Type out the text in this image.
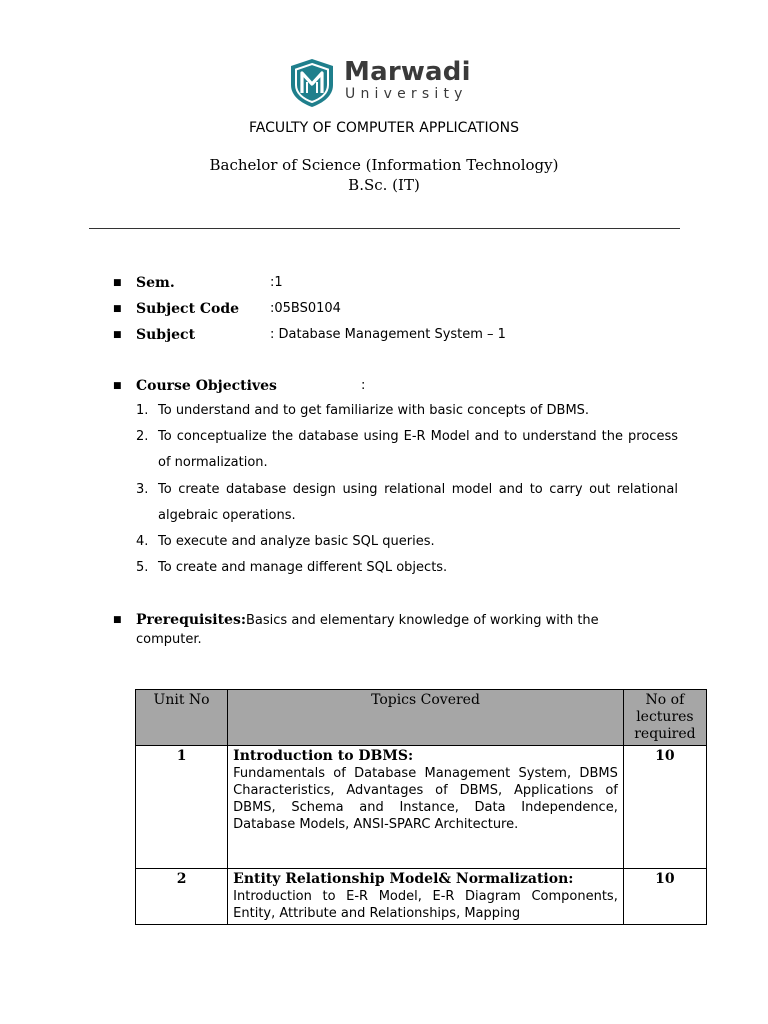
Marwadi
University
FACULTY OF COMPUTER APPLICATIONS
Bachelor of Science (Information Technology)
B.Sc. (IT)
■ Sem.	:1
■ Subject Code :05BS0104
■ Subject	: Database Management System – 1
■ Course Objectives	:
1. To understand and to get familiarize with basic concepts of DBMS.
2. To conceptualize the database using E-R Model and to understand the process of normalization.
3. To create database design using relational model and to carry out relational algebraic operations.
4. To execute and analyze basic SQL queries.
5. To create and manage different SQL objects.
■ Prerequisites:Basics and elementary knowledge of working with the computer.
Unit No	Topics Covered	No of lectures required
1	Introduction to DBMS:
Fundamentals of Database Management System, DBMS Characteristics, Advantages of DBMS, Applications of DBMS, Schema and Instance, Data Independence, Database Models, ANSI-SPARC Architecture.	10
2	Entity Relationship Model& Normalization:
Introduction to E-R Model, E-R Diagram Components, Entity, Attribute and Relationships, Mapping	10
